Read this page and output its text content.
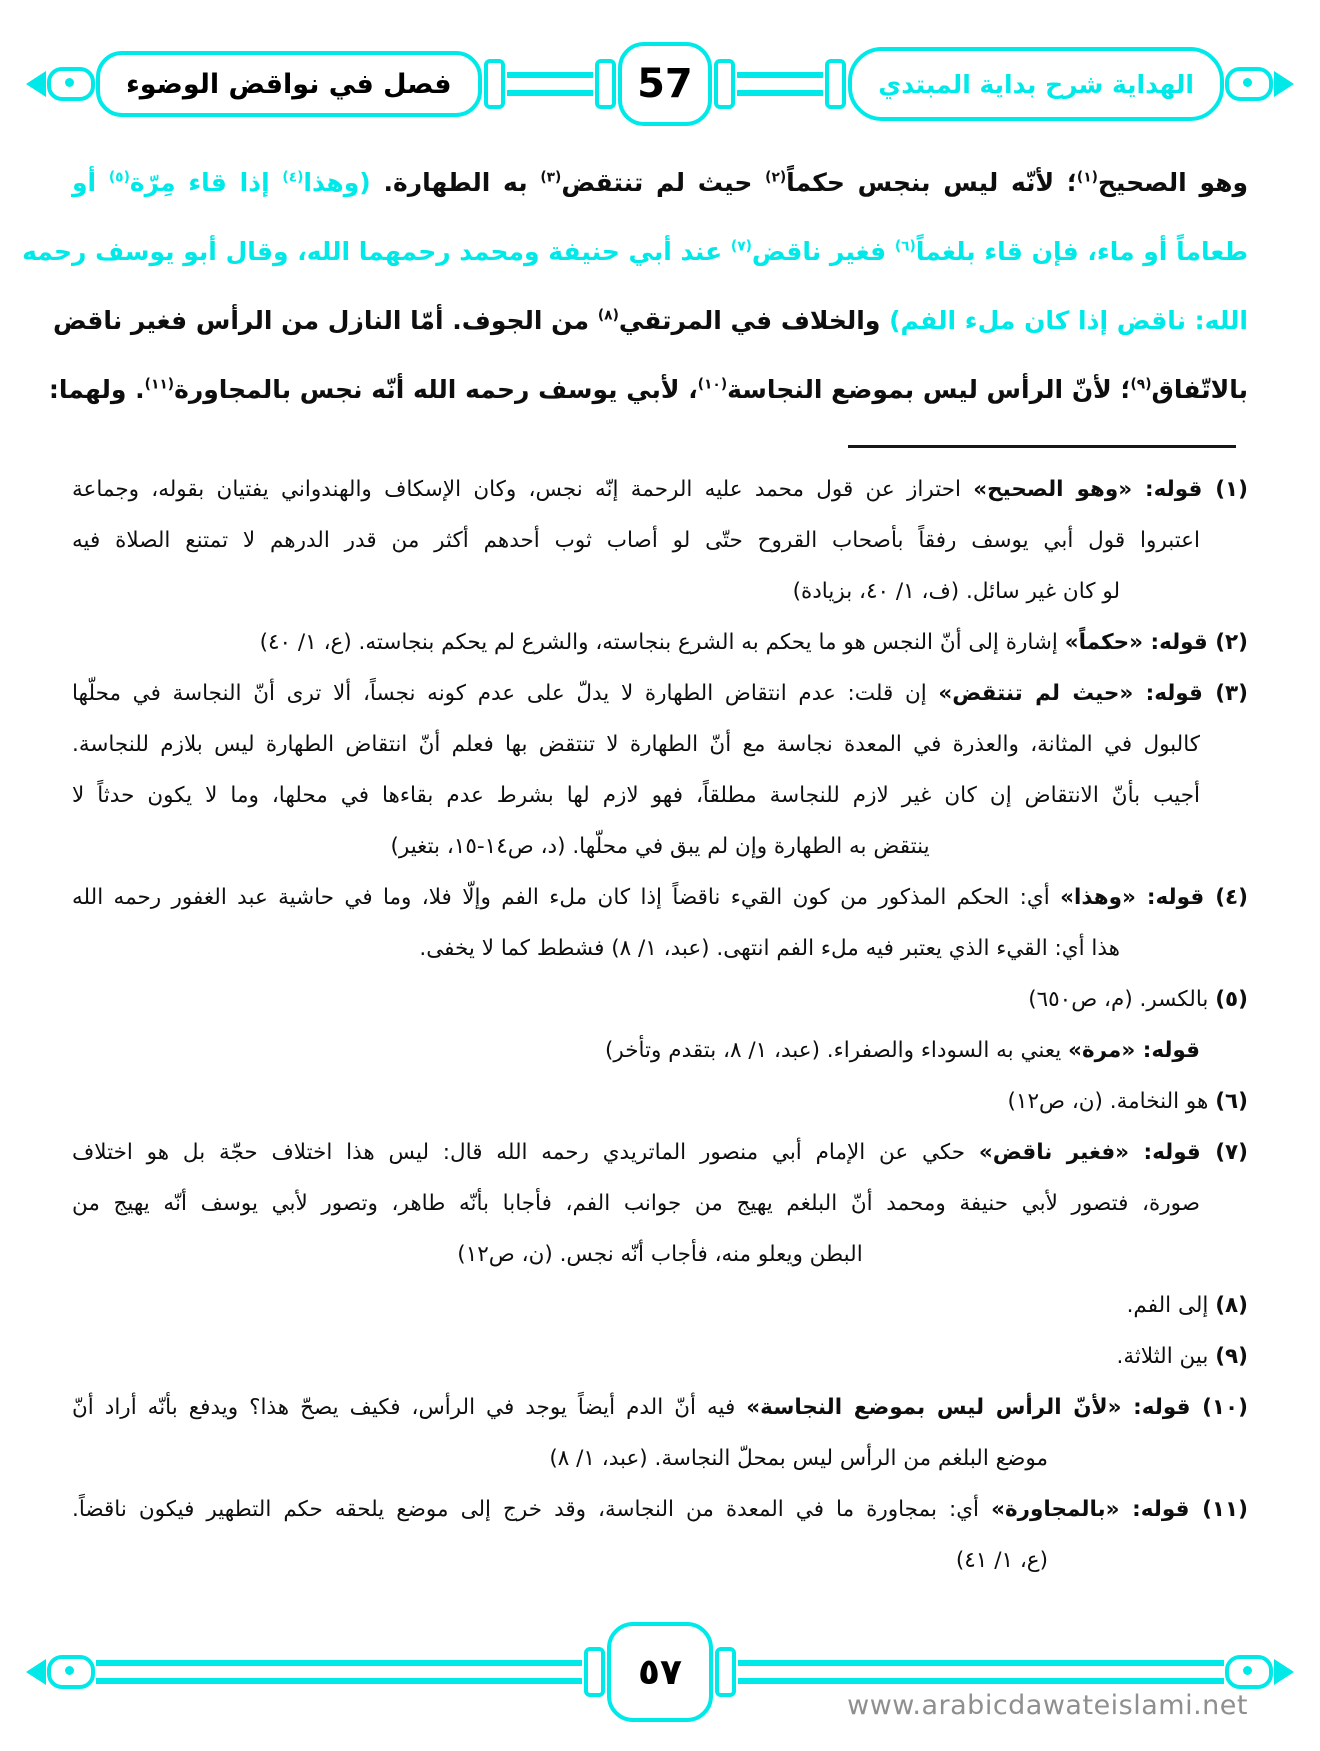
فصل في نواقض الوضوء	57	الهداية شرح بداية المبتدي
وهو الصحيح$^{(١)}$؛ لأنّه ليس بنجس حكماً$^{(٢)}$ حيث لم تنتقض$^{(٣)}$ به الطهارة. (وهذا$^{(٤)}$ إذا قاء مِرّة$^{(٥)}$ أو
طعاماً أو ماء، فإن قاء بلغماً$^{(٦)}$ فغير ناقض$^{(٧)}$ عند أبي حنيفة ومحمد رحمهما الله، وقال أبو يوسف رحمه
الله: ناقض إذا كان ملء الفم) والخلاف في المرتقي$^{(٨)}$ من الجوف. أمّا النازل من الرأس فغير ناقض
بالاتّفاق$^{(٩)}$؛ لأنّ الرأس ليس بموضع النجاسة$^{(١٠)}$، لأبي يوسف رحمه الله أنّه نجس بالمجاورة$^{(١١)}$. ولهما:
(١) قوله: «وهو الصحيح» احتراز عن قول محمد عليه الرحمة إنّه نجس، وكان الإسكاف والهندواني يفتيان بقوله، وجماعة
اعتبروا قول أبي يوسف رفقاً بأصحاب القروح حتّى لو أصاب ثوب أحدهم أكثر من قدر الدرهم لا تمتنع الصلاة فيه
لو كان غير سائل. (ف، ١/ ٤٠، بزيادة)
(٢) قوله: «حكماً» إشارة إلى أنّ النجس هو ما يحكم به الشرع بنجاسته، والشرع لم يحكم بنجاسته. (ع، ١/ ٤٠)
(٣) قوله: «حيث لم تنتقض» إن قلت: عدم انتقاض الطهارة لا يدلّ على عدم كونه نجساً، ألا ترى أنّ النجاسة في محلّها
كالبول في المثانة، والعذرة في المعدة نجاسة مع أنّ الطهارة لا تنتقض بها فعلم أنّ انتقاض الطهارة ليس بلازم للنجاسة.
أجيب بأنّ الانتقاض إن كان غير لازم للنجاسة مطلقاً، فهو لازم لها بشرط عدم بقاءها في محلها، وما لا يكون حدثاً لا
ينتقض به الطهارة وإن لم يبق في محلّها. (د، ص١٤-١٥، بتغير)
(٤) قوله: «وهذا» أي: الحكم المذكور من كون القيء ناقضاً إذا كان ملء الفم وإلّا فلا، وما في حاشية عبد الغفور رحمه الله
هذا أي: القيء الذي يعتبر فيه ملء الفم انتهى. (عبد، ١/ ٨) فشطط كما لا يخفى.
(٥) بالكسر. (م، ص٦٥٠)
قوله: «مرة» يعني به السوداء والصفراء. (عبد، ١/ ٨، بتقدم وتأخر)
(٦) هو النخامة. (ن، ص١٢)
(٧) قوله: «فغير ناقض» حكي عن الإمام أبي منصور الماتريدي رحمه الله قال: ليس هذا اختلاف حجّة بل هو اختلاف
صورة، فتصور لأبي حنيفة ومحمد أنّ البلغم يهيج من جوانب الفم، فأجابا بأنّه طاهر، وتصور لأبي يوسف أنّه يهيج من
البطن ويعلو منه، فأجاب أنّه نجس. (ن، ص١٢)
(٨) إلى الفم.
(٩) بين الثلاثة.
(١٠) قوله: «لأنّ الرأس ليس بموضع النجاسة» فيه أنّ الدم أيضاً يوجد في الرأس، فكيف يصحّ هذا؟ ويدفع بأنّه أراد أنّ
موضع البلغم من الرأس ليس بمحلّ النجاسة. (عبد، ١/ ٨)
(١١) قوله: «بالمجاورة» أي: بمجاورة ما في المعدة من النجاسة، وقد خرج إلى موضع يلحقه حكم التطهير فيكون ناقضاً.
(ع، ١/ ٤١)
٥٧
www.arabicdawateislami.net
